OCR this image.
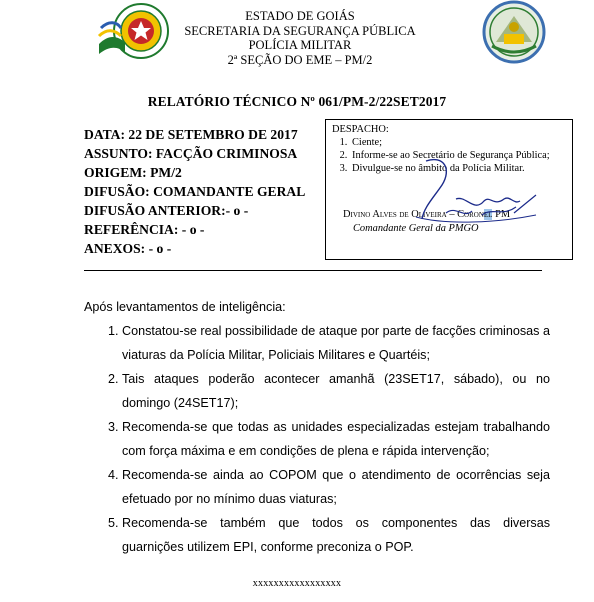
ESTADO DE GOIÁS
SECRETARIA DA SEGURANÇA PÚBLICA
POLÍCIA MILITAR
2ª SEÇÃO DO EME – PM/2
RELATÓRIO TÉCNICO Nº 061/PM-2/22SET2017
DATA: 22 DE SETEMBRO DE 2017
ASSUNTO: FACÇÃO CRIMINOSA
ORIGEM: PM/2
DIFUSÃO: COMANDANTE GERAL
DIFUSÃO ANTERIOR:- o -
REFERÊNCIA: - o -
ANEXOS: - o -
DESPACHO:
1. Ciente;
2. Informe-se ao Secretário de Segurança Pública;
3. Divulgue-se no âmbito da Polícia Militar.
Divino Alves de Oliveira – Coronel PM
Comandante Geral da PMGO

Após levantamentos de inteligência:

1. Constatou-se real possibilidade de ataque por parte de facções criminosas a viaturas da Polícia Militar, Policiais Militares e Quartéis;
2. Tais ataques poderão acontecer amanhã (23SET17, sábado), ou no domingo (24SET17);
3. Recomenda-se que todas as unidades especializadas estejam trabalhando com força máxima e em condições de plena e rápida intervenção;
4. Recomenda-se ainda ao COPOM que o atendimento de ocorrências seja efetuado por no mínimo duas viaturas;
5. Recomenda-se também que todos os componentes das diversas guarnições utilizem EPI, conforme preconiza o POP.
xxxxxxxxxxxxxxxxx
